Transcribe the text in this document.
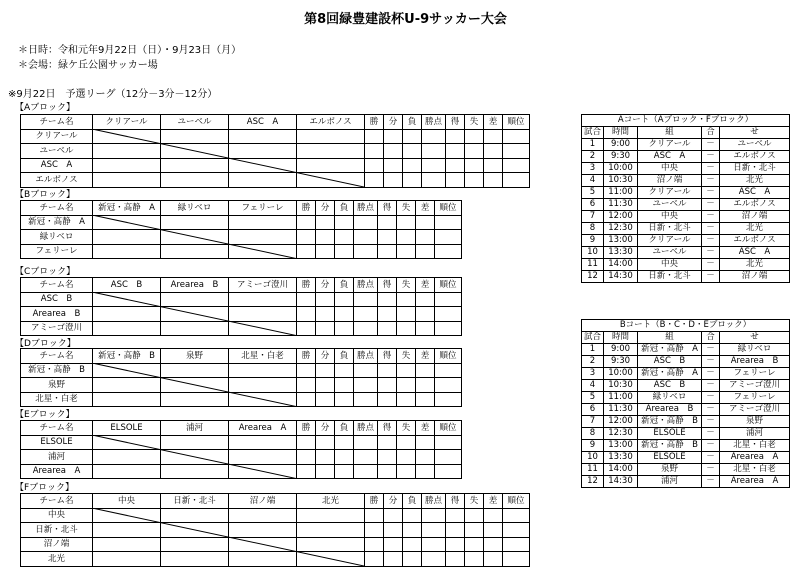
第8回緑豊建設杯U-9サッカー大会
＊日時：令和元年9月22日（日）・9月23日（月）
＊会場：緑ケ丘公園サッカー場
※9月22日　予選リーグ（12分－3分－12分）
【Aブロック】
チーム名	クリアール	ユーベル	ASC　A	エルボノス	勝	分	負	勝点	得	失	差	順位
クリアール												
ユーベル												
ASC　A												
エルボノス												
【Bブロック】
チーム名	新冠・高静　A	緑リベロ	フェリーレ	勝	分	負	勝点	得	失	差	順位
新冠・高静　A											
緑リベロ											
フェリーレ											
【Cブロック】
チーム名	ASC　B	Arearea　B	アミーゴ澄川	勝	分	負	勝点	得	失	差	順位
ASC　B											
Arearea　B											
アミーゴ澄川											
【Dブロック】
チーム名	新冠・高静　B	泉野	北星・白老	勝	分	負	勝点	得	失	差	順位
新冠・高静　B											
泉野											
北星・白老											
【Eブロック】
チーム名	ELSOLE	浦河	Arearea　A	勝	分	負	勝点	得	失	差	順位
ELSOLE											
浦河											
Arearea　A											
【Fブロック】
チーム名	中央	日新・北斗	沼ノ端	北光	勝	分	負	勝点	得	失	差	順位
中央												
日新・北斗												
沼ノ端												
北光												
Aコート（Aブロック・Fブロック）				
試合	時間	組	合	せ
1	9:00	クリアール	－	ユーベル
2	9:30	ASC　A	－	エルボノス
3	10:00	中央	－	日新・北斗
4	10:30	沼ノ端	－	北光
5	11:00	クリアール	－	ASC　A
6	11:30	ユーベル	－	エルボノス
7	12:00	中央	－	沼ノ端
8	12:30	日新・北斗	－	北光
9	13:00	クリアール	－	エルボノス
10	13:30	ユーベル	－	ASC　A
11	14:00	中央	－	北光
12	14:30	日新・北斗	－	沼ノ端
Bコート（B・C・D・Eブロック）				
試合	時間	組	合	せ
1	9:00	新冠・高静　A	－	緑リベロ
2	9:30	ASC　B	－	Arearea　B
3	10:00	新冠・高静　A	－	フェリーレ
4	10:30	ASC　B	－	アミーゴ澄川
5	11:00	緑リベロ	－	フェリーレ
6	11:30	Arearea　B	－	アミーゴ澄川
7	12:00	新冠・高静　B	－	泉野
8	12:30	ELSOLE	－	浦河
9	13:00	新冠・高静　B	－	北星・白老
10	13:30	ELSOLE	－	Arearea　A
11	14:00	泉野	－	北星・白老
12	14:30	浦河	－	Arearea　A
